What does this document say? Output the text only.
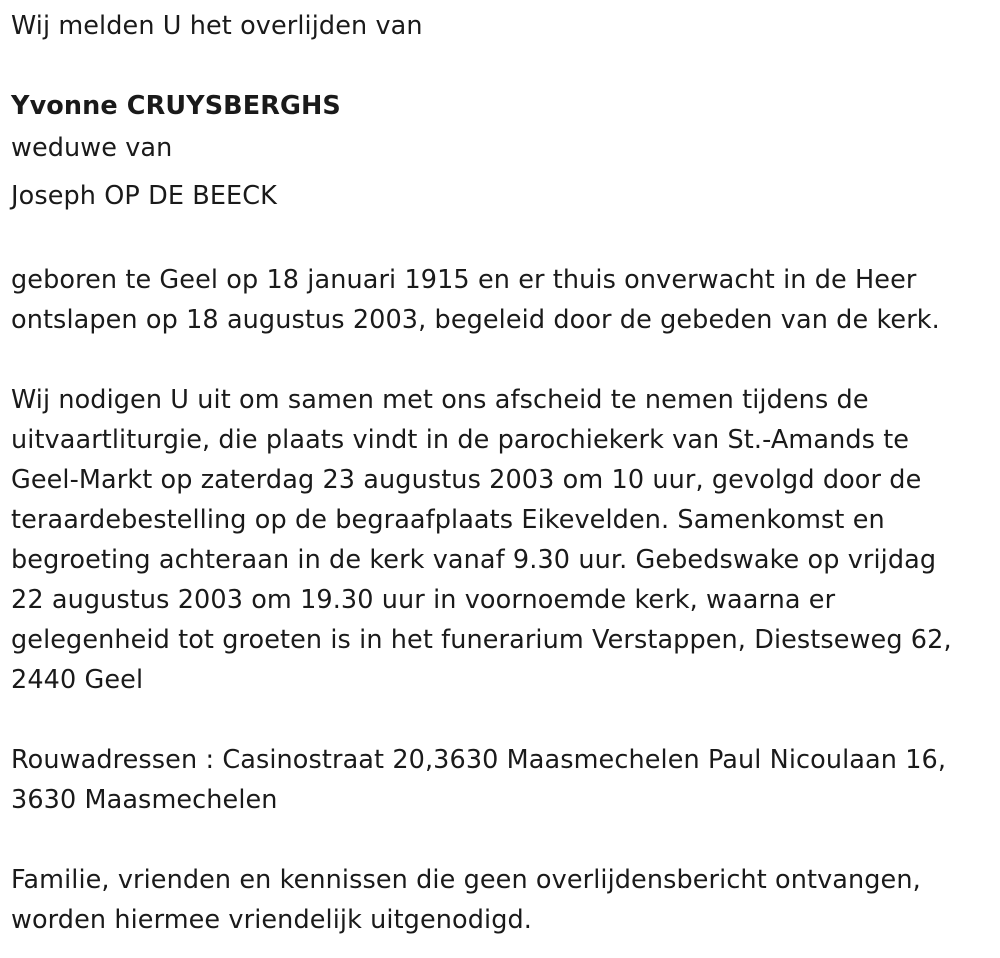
Wij melden U het overlijden van
Yvonne CRUYSBERGHS
weduwe van
Joseph OP DE BEECK
geboren te Geel op 18 januari 1915 en er thuis onverwacht in de Heer
ontslapen op 18 augustus 2003, begeleid door de gebeden van de kerk.
Wij nodigen U uit om samen met ons afscheid te nemen tijdens de
uitvaartliturgie, die plaats vindt in de parochiekerk van St.-Amands te
Geel-Markt op zaterdag 23 augustus 2003 om 10 uur, gevolgd door de
teraardebestelling op de begraafplaats Eikevelden. Samenkomst en
begroeting achteraan in de kerk vanaf 9.30 uur. Gebedswake op vrijdag
22 augustus 2003 om 19.30 uur in voornoemde kerk, waarna er
gelegenheid tot groeten is in het funerarium Verstappen, Diestseweg 62,
2440 Geel
Rouwadressen : Casinostraat 20,3630 Maasmechelen Paul Nicoulaan 16,
3630 Maasmechelen
Familie, vrienden en kennissen die geen overlijdensbericht ontvangen,
worden hiermee vriendelijk uitgenodigd.
